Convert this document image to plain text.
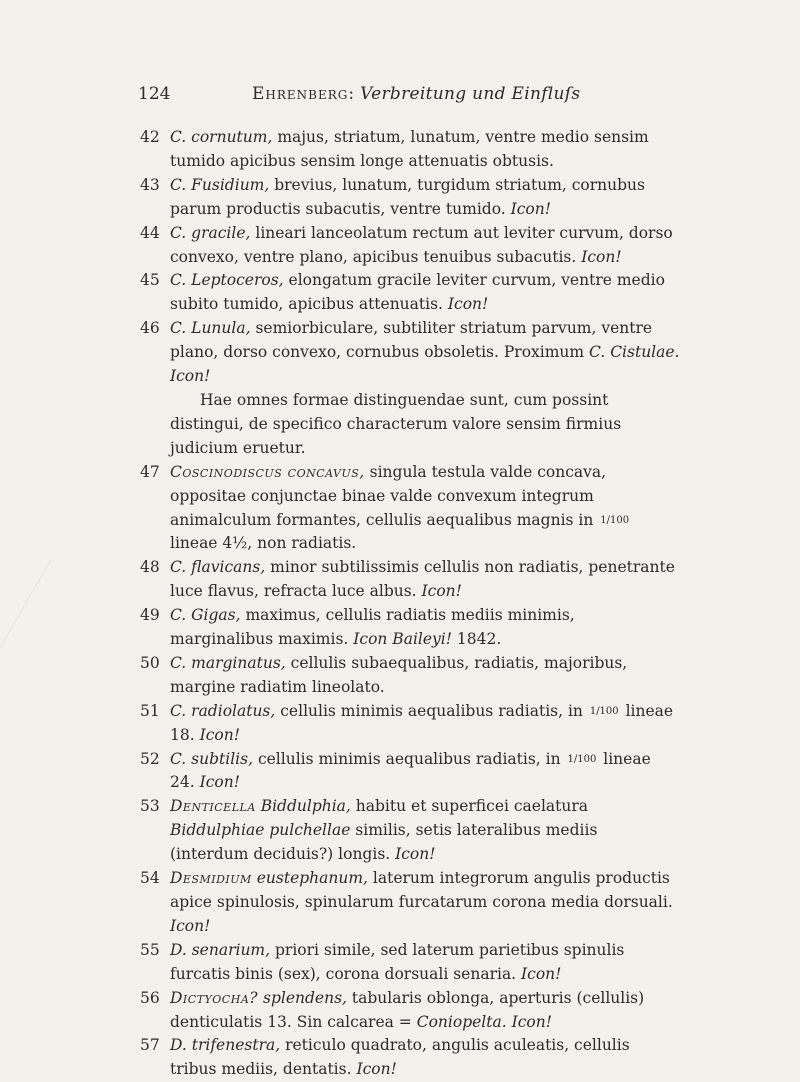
124	Ehrenberg: Verbreitung und Einfluſs
42 C. cornutum, majus, striatum, lunatum, ventre medio sensim tumido apicibus sensim longe attenuatis obtusis.
43 C. Fusidium, brevius, lunatum, turgidum striatum, cornubus parum productis subacutis, ventre tumido. Icon!
44 C. gracile, lineari lanceolatum rectum aut leviter curvum, dorso convexo, ventre plano, apicibus tenuibus subacutis. Icon!
45 C. Leptoceros, elongatum gracile leviter curvum, ventre medio subito tumido, apicibus attenuatis. Icon!
46 C. Lunula, semiorbiculare, subtiliter striatum parvum, ventre plano, dorso convexo, cornubus obsoletis. Proximum C. Cistulae. Icon!
Hae omnes formae distinguendae sunt, cum possint distingui, de specifico characterum valore sensim firmius judicium eruetur.
47 Coscinodiscus concavus, singula testula valde concava, oppositae conjunctae binae valde convexum integrum animalculum formantes, cellulis aequalibus magnis in 1/100 lineae 4½, non radiatis.
48 C. flavicans, minor subtilissimis cellulis non radiatis, penetrante luce flavus, refracta luce albus. Icon!
49 C. Gigas, maximus, cellulis radiatis mediis minimis, marginalibus maximis. Icon Baileyi! 1842.
50 C. marginatus, cellulis subaequalibus, radiatis, majoribus, margine radiatim lineolato.
51 C. radiolatus, cellulis minimis aequalibus radiatis, in 1/100 lineae 18. Icon!
52 C. subtilis, cellulis minimis aequalibus radiatis, in 1/100 lineae 24. Icon!
53 Denticella Biddulphia, habitu et superficei caelatura Biddulphiae pulchellae similis, setis lateralibus mediis (interdum deciduis?) longis. Icon!
54 Desmidium eustephanum, laterum integrorum angulis productis apice spinulosis, spinularum furcatarum corona media dorsuali. Icon!
55 D. senarium, priori simile, sed laterum parietibus spinulis furcatis binis (sex), corona dorsuali senaria. Icon!
56 Dictyocha? splendens, tabularis oblonga, aperturis (cellulis) denticulatis 13. Sin calcarea = Coniopelta. Icon!
57 D. trifenestra, reticulo quadrato, angulis aculeatis, cellulis tribus mediis, dentatis. Icon!
